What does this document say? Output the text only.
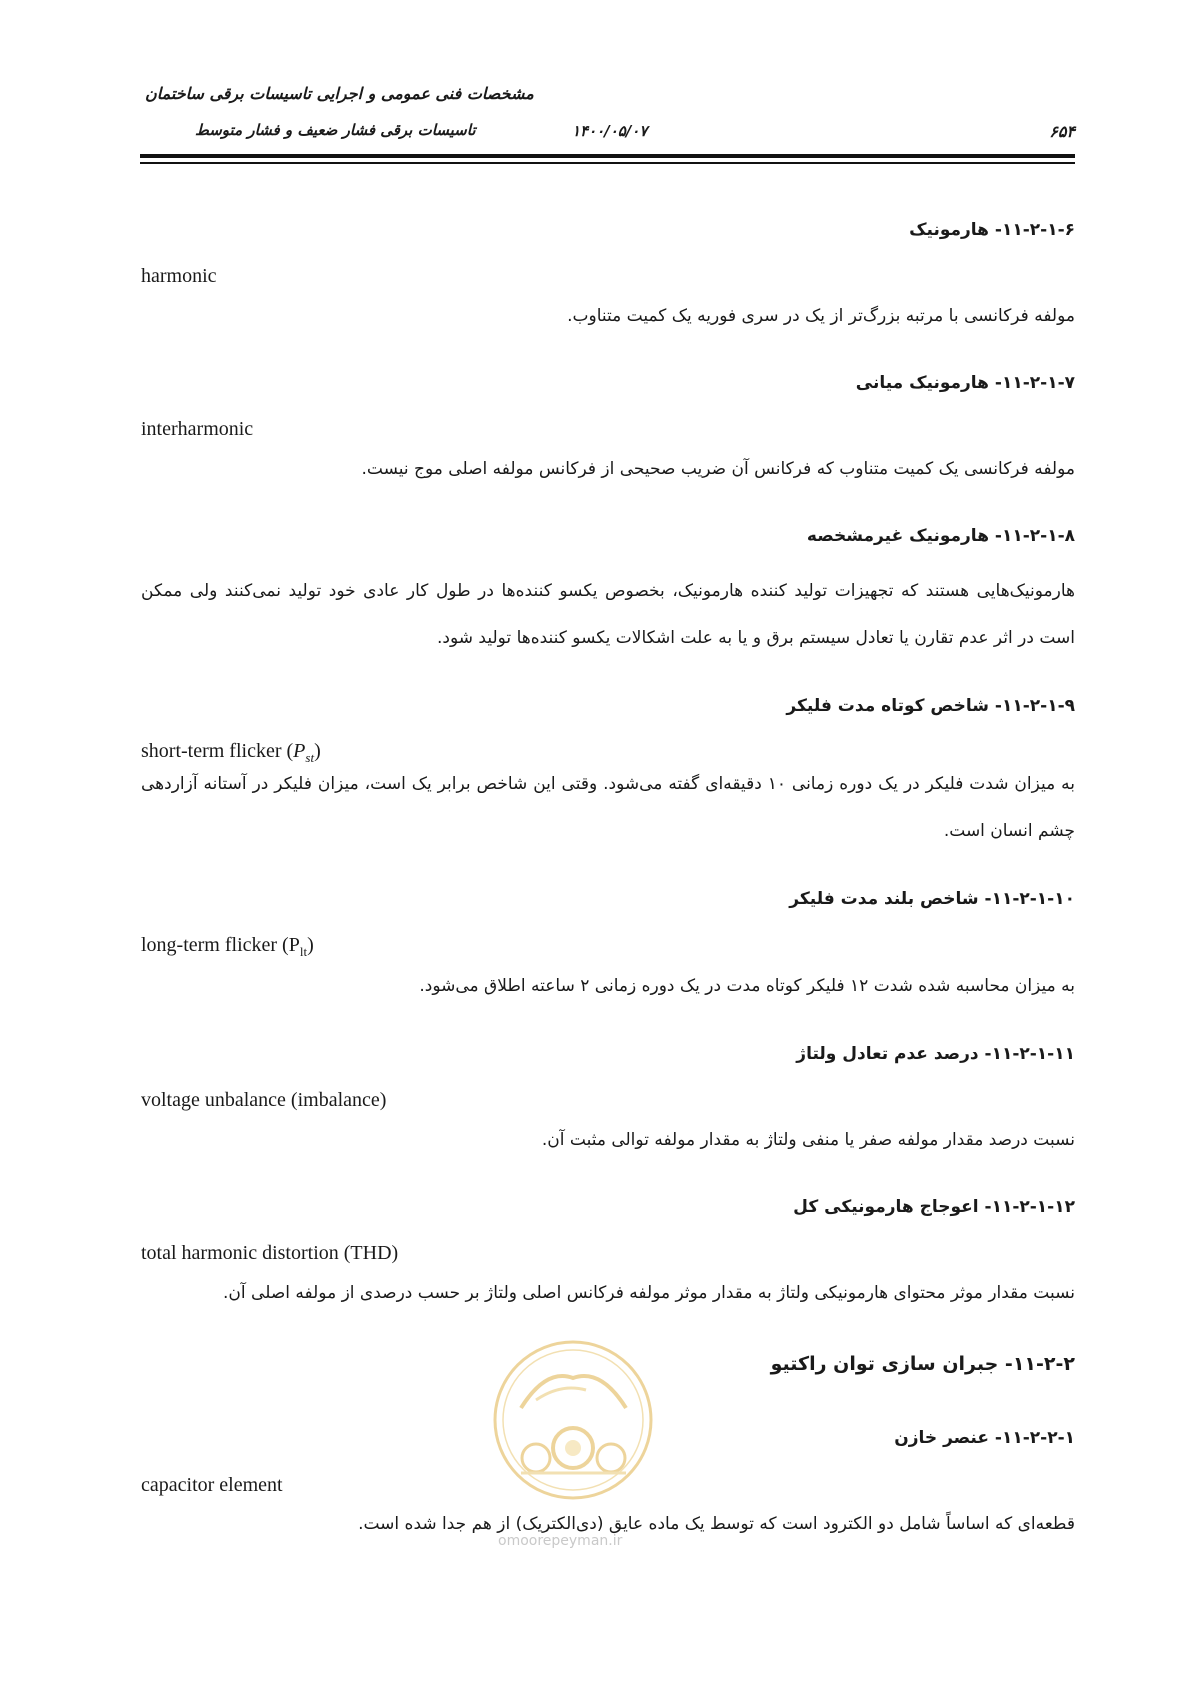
مشخصات فنی عمومی و اجرایی تاسیسات برقی ساختمان
تاسیسات برقی فشار ضعیف و فشار متوسط	۱۴۰۰/۰۵/۰۷	۶۵۴
۱۱-۲-۱-۶- هارمونیک
harmonic
مولفه فرکانسی با مرتبه بزرگ‌تر از یک در سری فوریه یک کمیت متناوب.
۱۱-۲-۱-۷- هارمونیک میانی
interharmonic
مولفه فرکانسی یک کمیت متناوب که فرکانس آن ضریب صحیحی از فرکانس مولفه اصلی موج نیست.
۱۱-۲-۱-۸- هارمونیک غیرمشخصه
هارمونیک‌هایی هستند که تجهیزات تولید کننده هارمونیک، بخصوص یکسو کننده‌ها در طول کار عادی خود تولید نمی‌کنند ولی ممکن است در اثر عدم تقارن یا تعادل سیستم برق و یا به علت اشکالات یکسو کننده‌ها تولید شود.
۱۱-۲-۱-۹- شاخص کوتاه مدت فلیکر
short-term flicker $(P_{st})$
به میزان شدت فلیکر در یک دوره زمانی ۱۰ دقیقه‌ای گفته می‌شود. وقتی این شاخص برابر یک است، میزان فلیکر در آستانه آزاردهی چشم انسان است.
۱۱-۲-۱-۱۰- شاخص بلند مدت فلیکر
long-term flicker $(P_{lt})$
به میزان محاسبه شده شدت ۱۲ فلیکر کوتاه مدت در یک دوره زمانی ۲ ساعته اطلاق می‌شود.
۱۱-۲-۱-۱۱- درصد عدم تعادل ولتاژ
voltage unbalance (imbalance)
نسبت درصد مقدار مولفه صفر یا منفی ولتاژ به مقدار مولفه توالی مثبت آن.
۱۱-۲-۱-۱۲- اعوجاج هارمونیکی کل
total harmonic distortion (THD)
نسبت مقدار موثر محتوای هارمونیکی ولتاژ به مقدار موثر مولفه فرکانس اصلی ولتاژ بر حسب درصدی از مولفه اصلی آن.
۱۱-۲-۲- جبران سازی توان راکتیو
۱۱-۲-۲-۱- عنصر خازن
capacitor element
قطعه‌ای که اساساً شامل دو الکترود است که توسط یک ماده عایق (دی‌الکتریک) از هم جدا شده است.
omoorepeyman.ir
